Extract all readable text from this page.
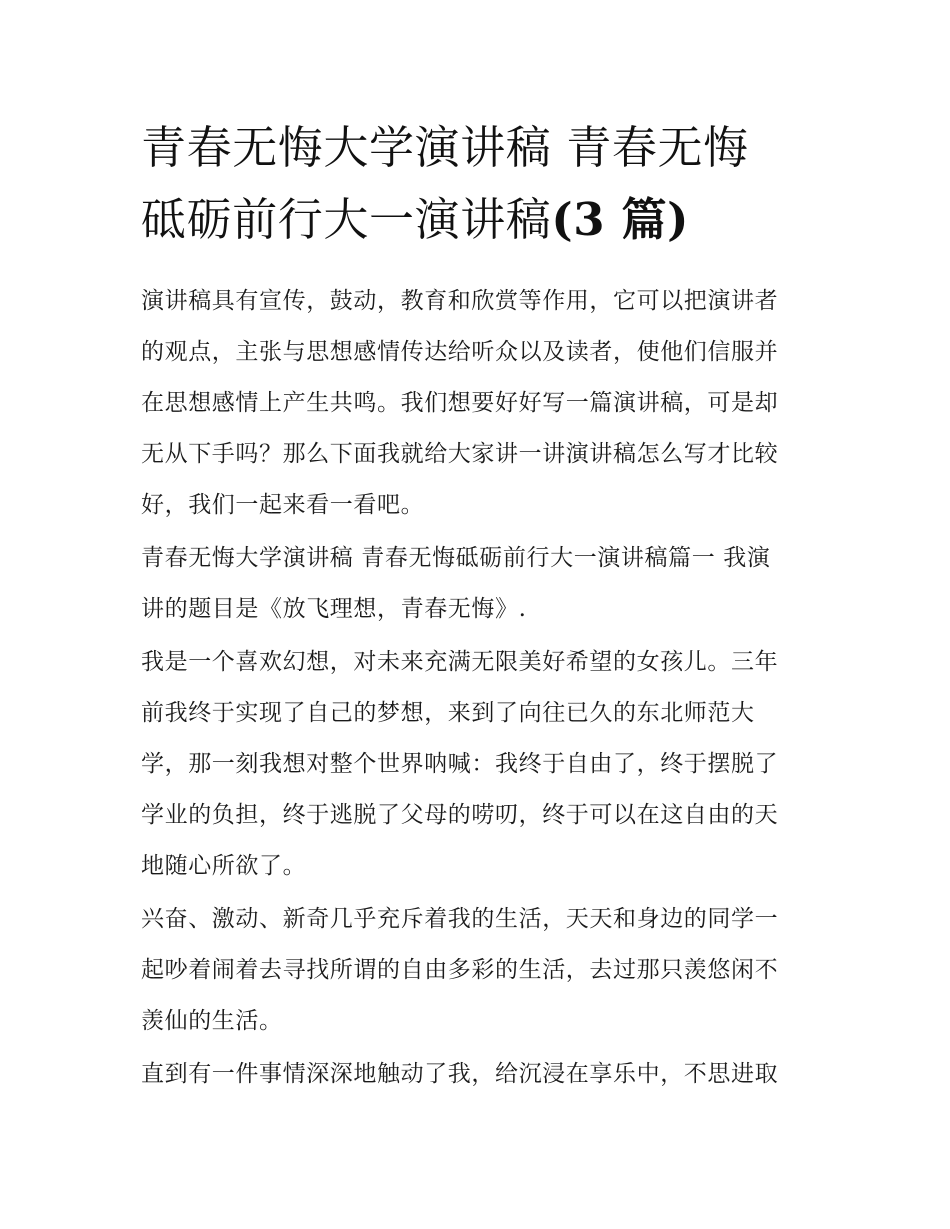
青春无悔大学演讲稿 青春无悔
砥砺前行大一演讲稿(3 篇)

演讲稿具有宣传，鼓动，教育和欣赏等作用，它可以把演讲者
的观点，主张与思想感情传达给听众以及读者，使他们信服并
在思想感情上产生共鸣。我们想要好好写一篇演讲稿，可是却
无从下手吗？那么下面我就给大家讲一讲演讲稿怎么写才比较
好，我们一起来看一看吧。

青春无悔大学演讲稿 青春无悔砥砺前行大一演讲稿篇一 我演
讲的题目是《放飞理想，青春无悔》.

我是一个喜欢幻想，对未来充满无限美好希望的女孩儿。三年
前我终于实现了自己的梦想，来到了向往已久的东北师范大
学，那一刻我想对整个世界呐喊：我终于自由了，终于摆脱了
学业的负担，终于逃脱了父母的唠叨，终于可以在这自由的天
地随心所欲了。

兴奋、激动、新奇几乎充斥着我的生活，天天和身边的同学一
起吵着闹着去寻找所谓的自由多彩的生活，去过那只羡悠闲不
羡仙的生活。

直到有一件事情深深地触动了我，给沉浸在享乐中，不思进取
